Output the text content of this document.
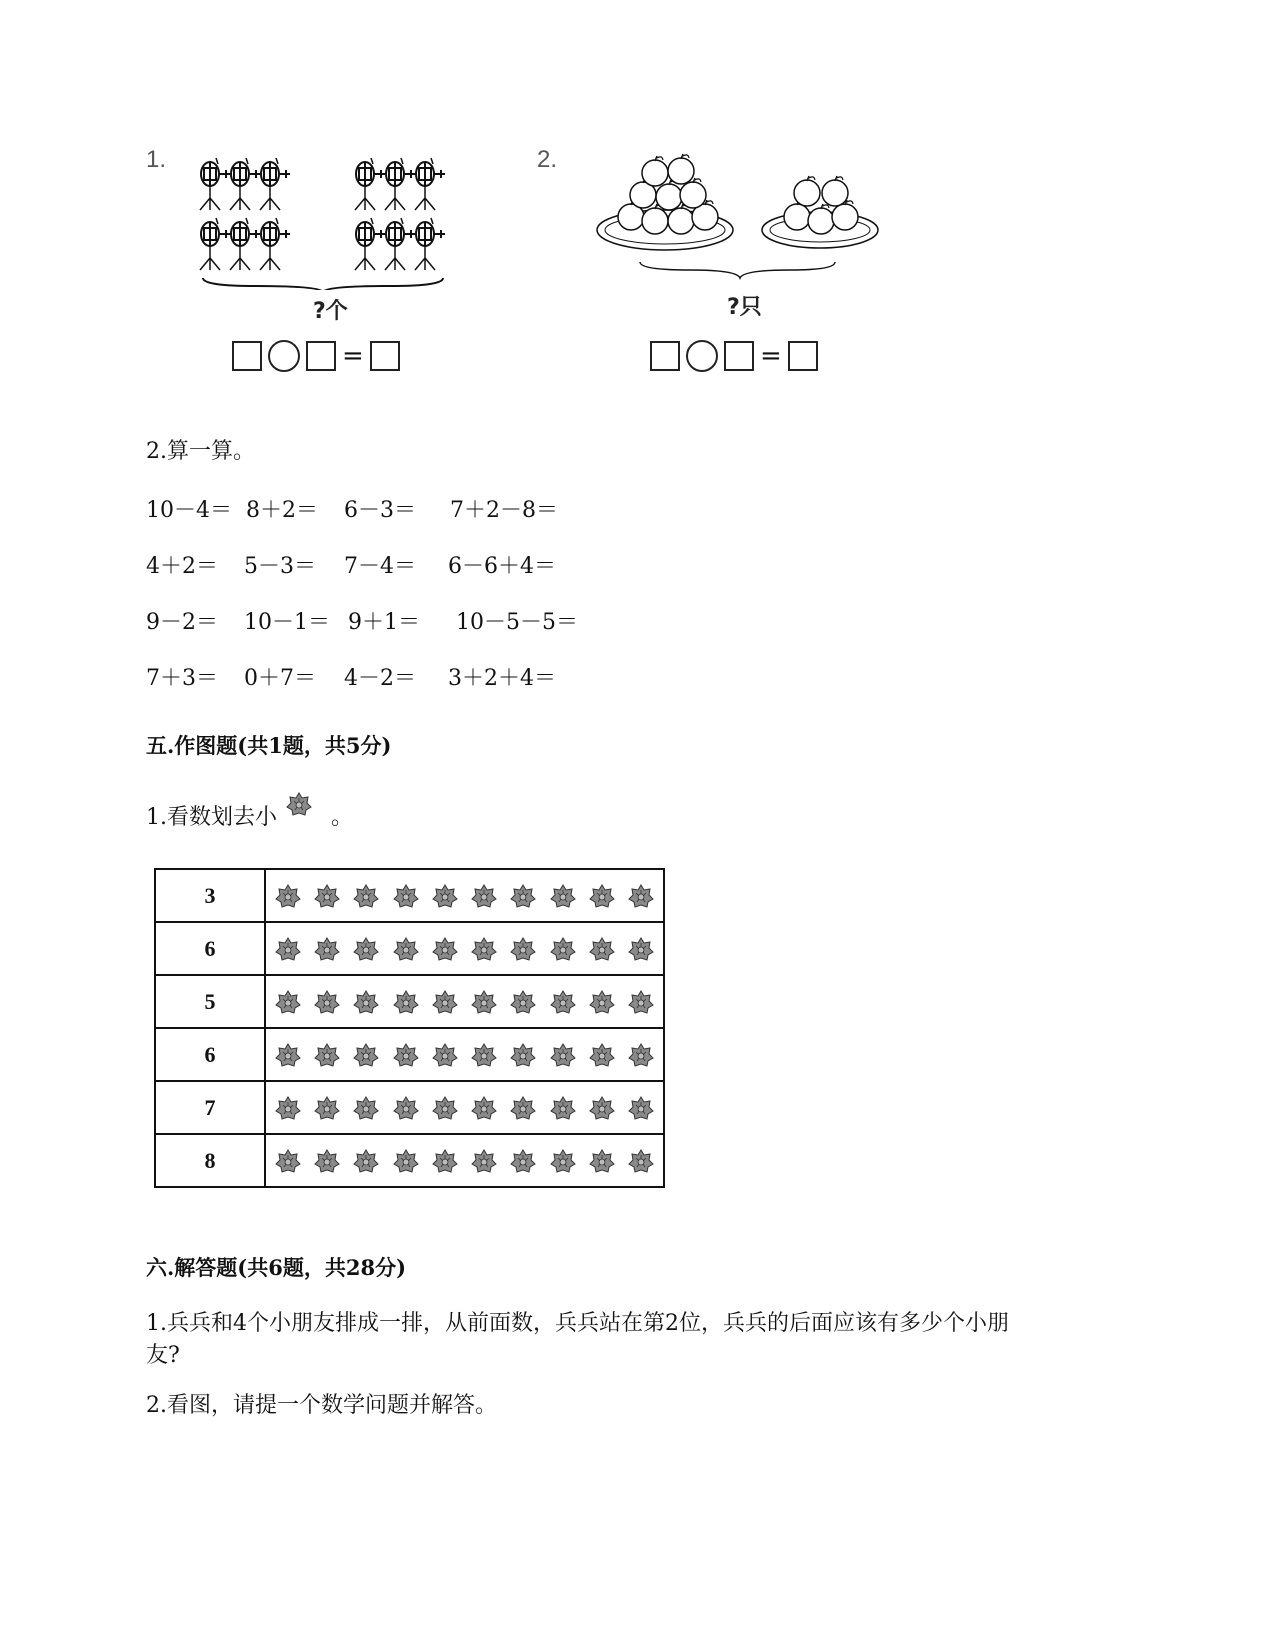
1.
?个
=
2.
?只
=
2.算一算。
10－4＝ 8＋2＝	6－3＝	7＋2－8＝
4＋2＝	5－3＝	7－4＝	6－6＋4＝
9－2＝	10－1＝ 9＋1＝	10－5－5＝
7＋3＝	0＋7＝	4－2＝	3＋2＋4＝
五.作图题(共1题，共5分)
1.看数划去小 。
3	

6	

5	

6	

7	

8	
六.解答题(共6题，共28分)
1.兵兵和4个小朋友排成一排，从前面数，兵兵站在第2位，兵兵的后面应该有多少个小朋
友?
2.看图，请提一个数学问题并解答。
